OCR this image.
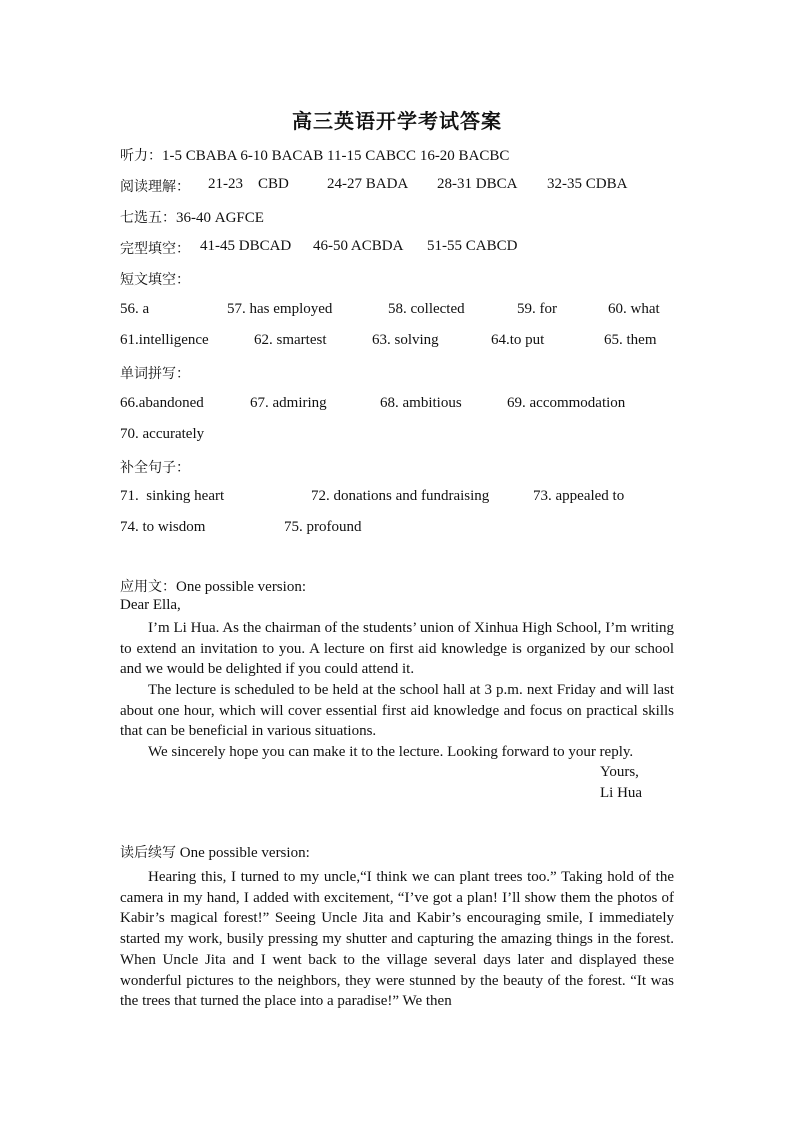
高三英语开学考试答案
听力：1-5 CBABA 6-10 BACAB 11-15 CABCC 16-20 BACBC
阅读理解： 21-23    CBD	24-27 BADA 28-31 DBCA 32-35 CDBA
七选五：36-40 AGFCE
完型填空： 41-45 DBCAD 46-50 ACBDA 51-55 CABCD
短文填空：
56. a	57. has employed	58. collected	59. for	60. what
61.intelligence	62. smartest	63. solving	64.to put	65. them
单词拼写：
66.abandoned	67. admiring	68. ambitious	69. accommodation
70. accurately
补全句子：
71.  sinking heart	72. donations and fundraising	73. appealed to
74. to wisdom	75. profound
应用文：One possible version:
Dear Ella,
I’m Li Hua. As the chairman of the students’ union of Xinhua High School, I’m writing to extend an invitation to you. A lecture on first aid knowledge is organized by our school and we would be delighted if you could attend it.
The lecture is scheduled to be held at the school hall at 3 p.m. next Friday and will last about one hour, which will cover essential first aid knowledge and focus on practical skills that can be beneficial in various situations.
We sincerely hope you can make it to the lecture. Looking forward to your reply.
Yours,
Li Hua
读后续写 One possible version:
Hearing this, I turned to my uncle,“I think we can plant trees too.” Taking hold of the camera in my hand, I added with excitement, “I’ve got a plan! I’ll show them the photos of Kabir’s magical forest!” Seeing Uncle Jita and Kabir’s encouraging smile, I immediately started my work, busily pressing my shutter and capturing the amazing things in the forest. When Uncle Jita and I went back to the village several days later and displayed these wonderful pictures to the neighbors, they were stunned by the beauty of the forest. “It was the trees that turned the place into a paradise!” We then
